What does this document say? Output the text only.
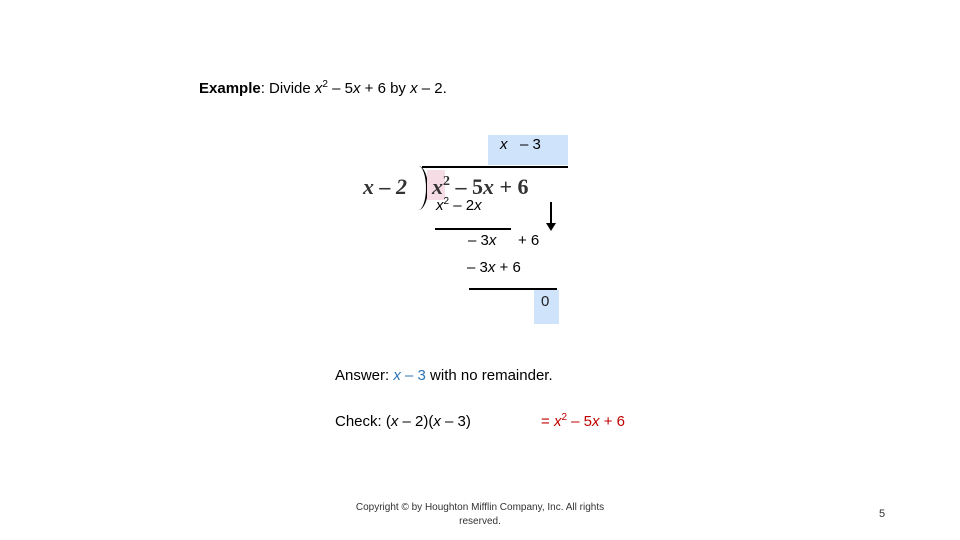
Example: Divide $x^2 - 5x + 6$ by x – 2.
x – 3
x – 2 $x^2 - 5x + 6$
$x^2 - 2x$
– 3x + 6
– 3x + 6
0
Answer: x – 3 with no remainder.
Check: (x – 2)(x – 3)	= $x^2 - 5x + 6$
Copyright © by Houghton Mifflin Company, Inc. All rights reserved.
5
